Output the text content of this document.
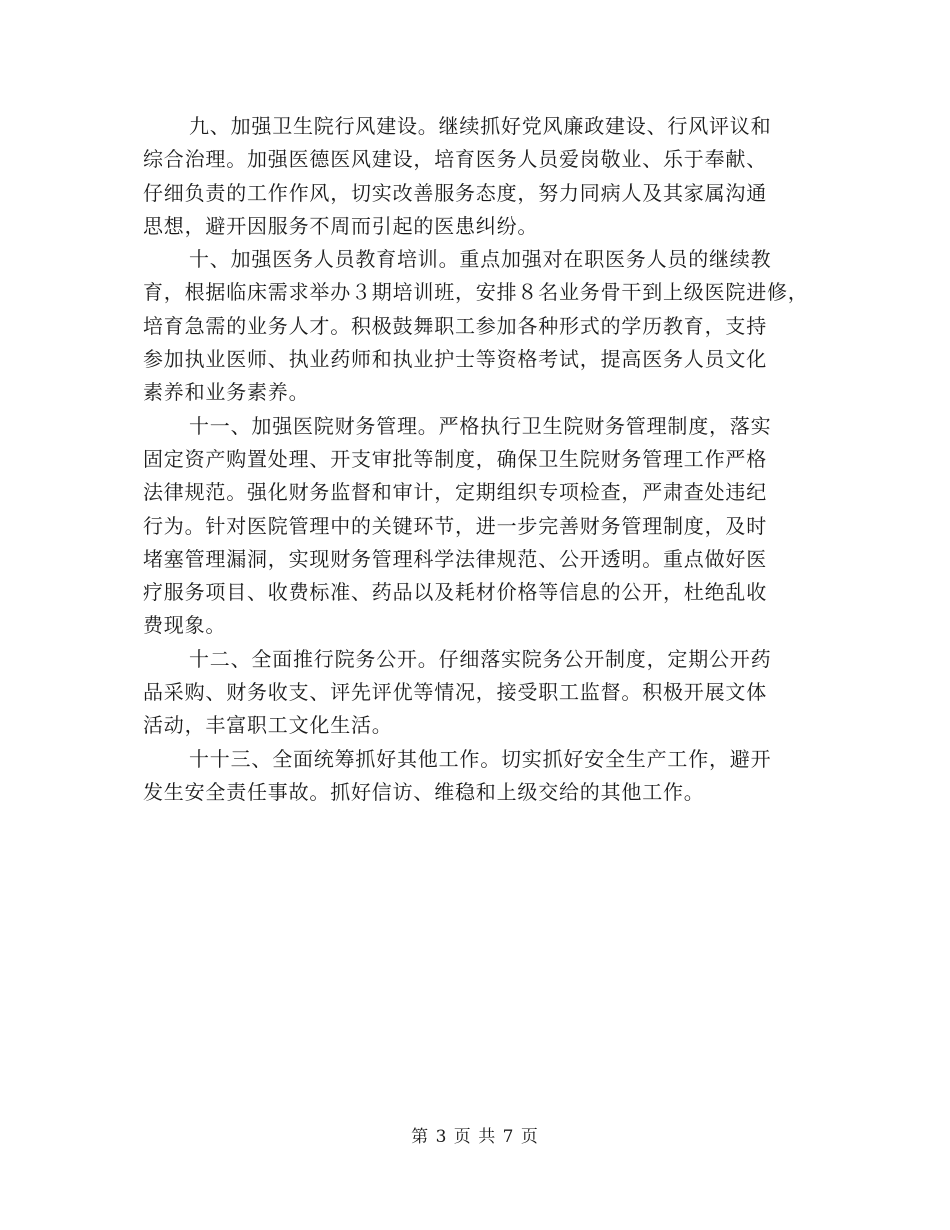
九、加强卫生院行风建设。继续抓好党风廉政建设、行风评议和
综合治理。加强医德医风建设，培育医务人员爱岗敬业、乐于奉献、
仔细负责的工作作风，切实改善服务态度，努力同病人及其家属沟通
思想，避开因服务不周而引起的医患纠纷。
十、加强医务人员教育培训。重点加强对在职医务人员的继续教
育，根据临床需求举办３期培训班，安排８名业务骨干到上级医院进修，
培育急需的业务人才。积极鼓舞职工参加各种形式的学历教育，支持
参加执业医师、执业药师和执业护士等资格考试，提高医务人员文化
素养和业务素养。
十一、加强医院财务管理。严格执行卫生院财务管理制度，落实
固定资产购置处理、开支审批等制度，确保卫生院财务管理工作严格
法律规范。强化财务监督和审计，定期组织专项检查，严肃查处违纪
行为。针对医院管理中的关键环节，进一步完善财务管理制度，及时
堵塞管理漏洞，实现财务管理科学法律规范、公开透明。重点做好医
疗服务项目、收费标准、药品以及耗材价格等信息的公开，杜绝乱收
费现象。
十二、全面推行院务公开。仔细落实院务公开制度，定期公开药
品采购、财务收支、评先评优等情况，接受职工监督。积极开展文体
活动，丰富职工文化生活。
十十三、全面统筹抓好其他工作。切实抓好安全生产工作，避开
发生安全责任事故。抓好信访、维稳和上级交给的其他工作。
第 3 页 共 7 页
